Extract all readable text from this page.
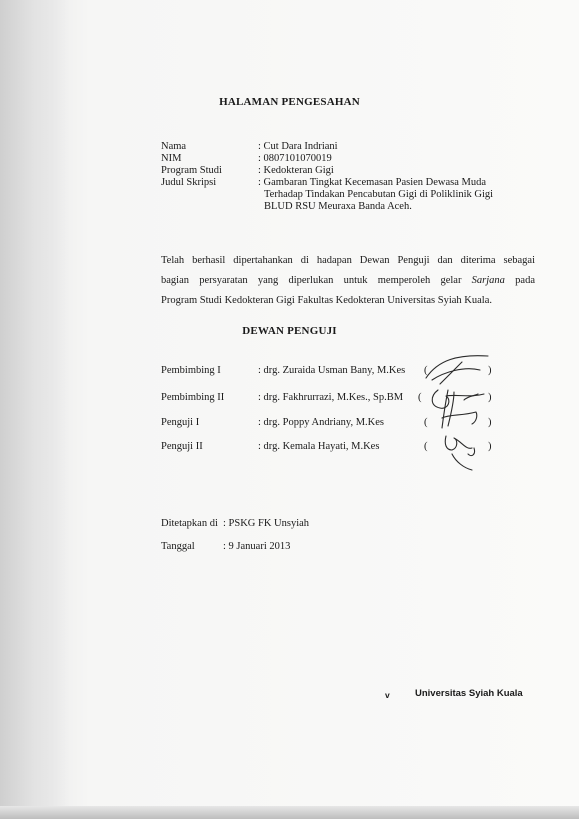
HALAMAN PENGESAHAN
Nama	: Cut Dara Indriani
NIM	: 0807101070019
Program Studi	: Kedokteran Gigi
Judul Skripsi	: Gambaran Tingkat Kecemasan Pasien Dewasa Muda
Terhadap Tindakan Pencabutan Gigi di Poliklinik Gigi
BLUD RSU Meuraxa Banda Aceh.
Telah berhasil dipertahankan di hadapan Dewan Penguji dan diterima sebagai
bagian persyaratan yang diperlukan untuk memperoleh gelar Sarjana pada
Program Studi Kedokteran Gigi Fakultas Kedokteran Universitas Syiah Kuala.
DEWAN PENGUJI
Pembimbing I	: drg. Zuraida Usman Bany, M.Kes (	)
Pembimbing II	: drg. Fakhrurrazi, M.Kes., Sp.BM (	)
Penguji I	: drg. Poppy Andriany, M.Kes	(	)
Penguji II	: drg. Kemala Hayati, M.Kes	(	)
Ditetapkan di : PSKG FK Unsyiah
Tanggal	: 9 Januari 2013
v	Universitas Syiah Kuala
